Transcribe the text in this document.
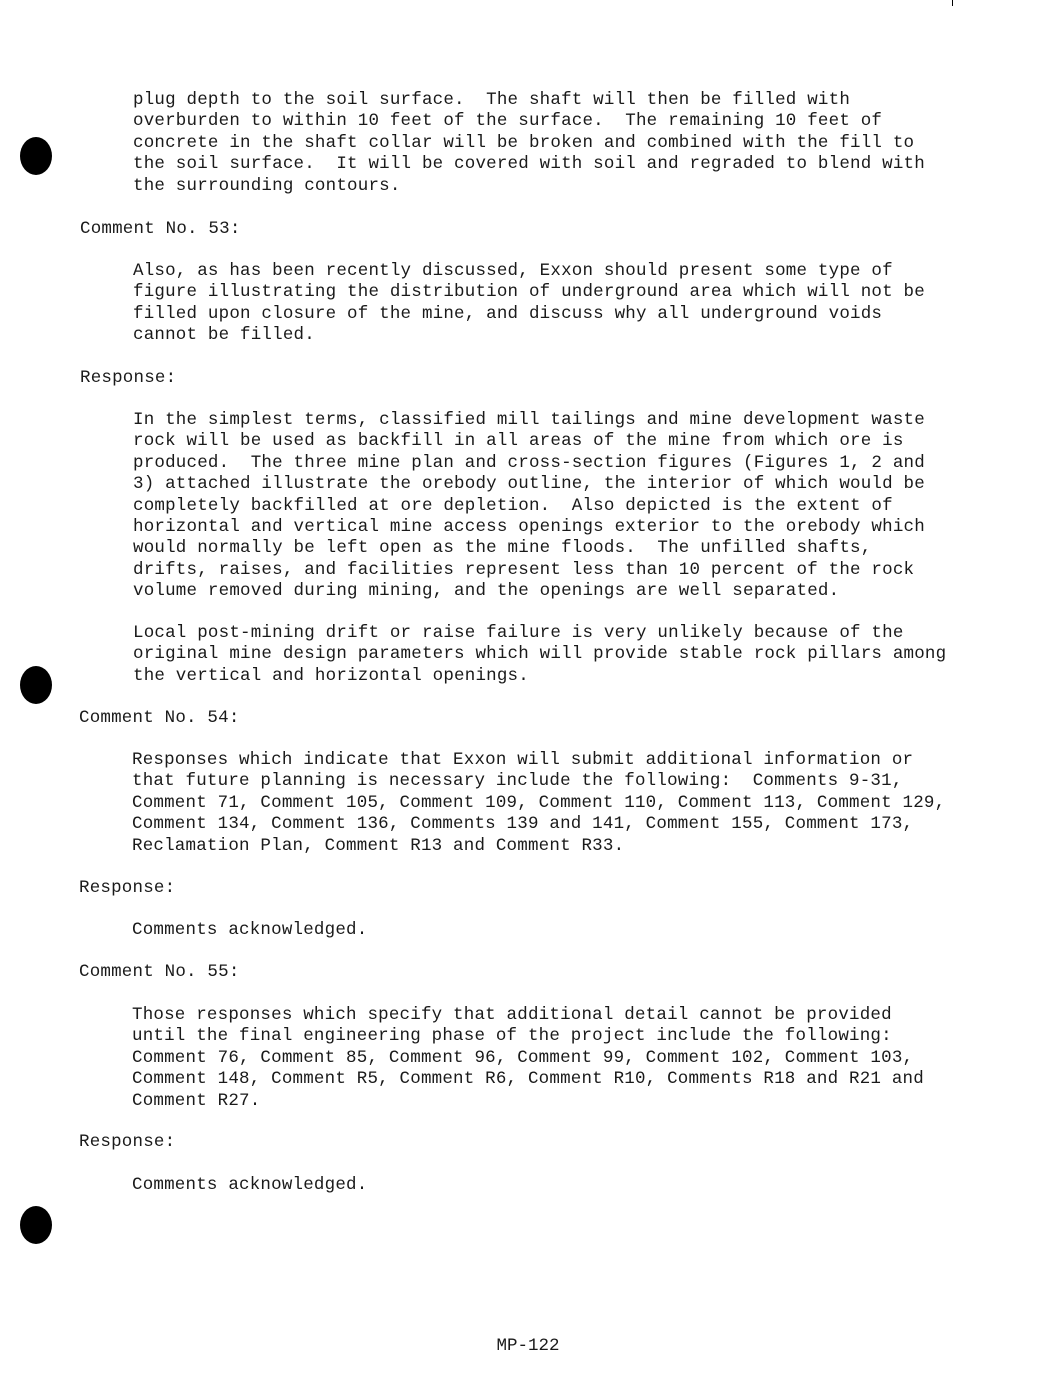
plug depth to the soil surface.  The shaft will then be filled with
overburden to within 10 feet of the surface.  The remaining 10 feet of
concrete in the shaft collar will be broken and combined with the fill to
the soil surface.  It will be covered with soil and regraded to blend with
the surrounding contours.
Comment No. 53:
Also, as has been recently discussed, Exxon should present some type of
figure illustrating the distribution of underground area which will not be
filled upon closure of the mine, and discuss why all underground voids
cannot be filled.
Response:
In the simplest terms, classified mill tailings and mine development waste
rock will be used as backfill in all areas of the mine from which ore is
produced.  The three mine plan and cross-section figures (Figures 1, 2 and
3) attached illustrate the orebody outline, the interior of which would be
completely backfilled at ore depletion.  Also depicted is the extent of
horizontal and vertical mine access openings exterior to the orebody which
would normally be left open as the mine floods.  The unfilled shafts,
drifts, raises, and facilities represent less than 10 percent of the rock
volume removed during mining, and the openings are well separated.
Local post-mining drift or raise failure is very unlikely because of the
original mine design parameters which will provide stable rock pillars among
the vertical and horizontal openings.
Comment No. 54:
Responses which indicate that Exxon will submit additional information or
that future planning is necessary include the following:  Comments 9-31,
Comment 71, Comment 105, Comment 109, Comment 110, Comment 113, Comment 129,
Comment 134, Comment 136, Comments 139 and 141, Comment 155, Comment 173,
Reclamation Plan, Comment R13 and Comment R33.
Response:
Comments acknowledged.
Comment No. 55:
Those responses which specify that additional detail cannot be provided
until the final engineering phase of the project include the following:
Comment 76, Comment 85, Comment 96, Comment 99, Comment 102, Comment 103,
Comment 148, Comment R5, Comment R6, Comment R10, Comments R18 and R21 and
Comment R27.
Response:
Comments acknowledged.
MP-122
